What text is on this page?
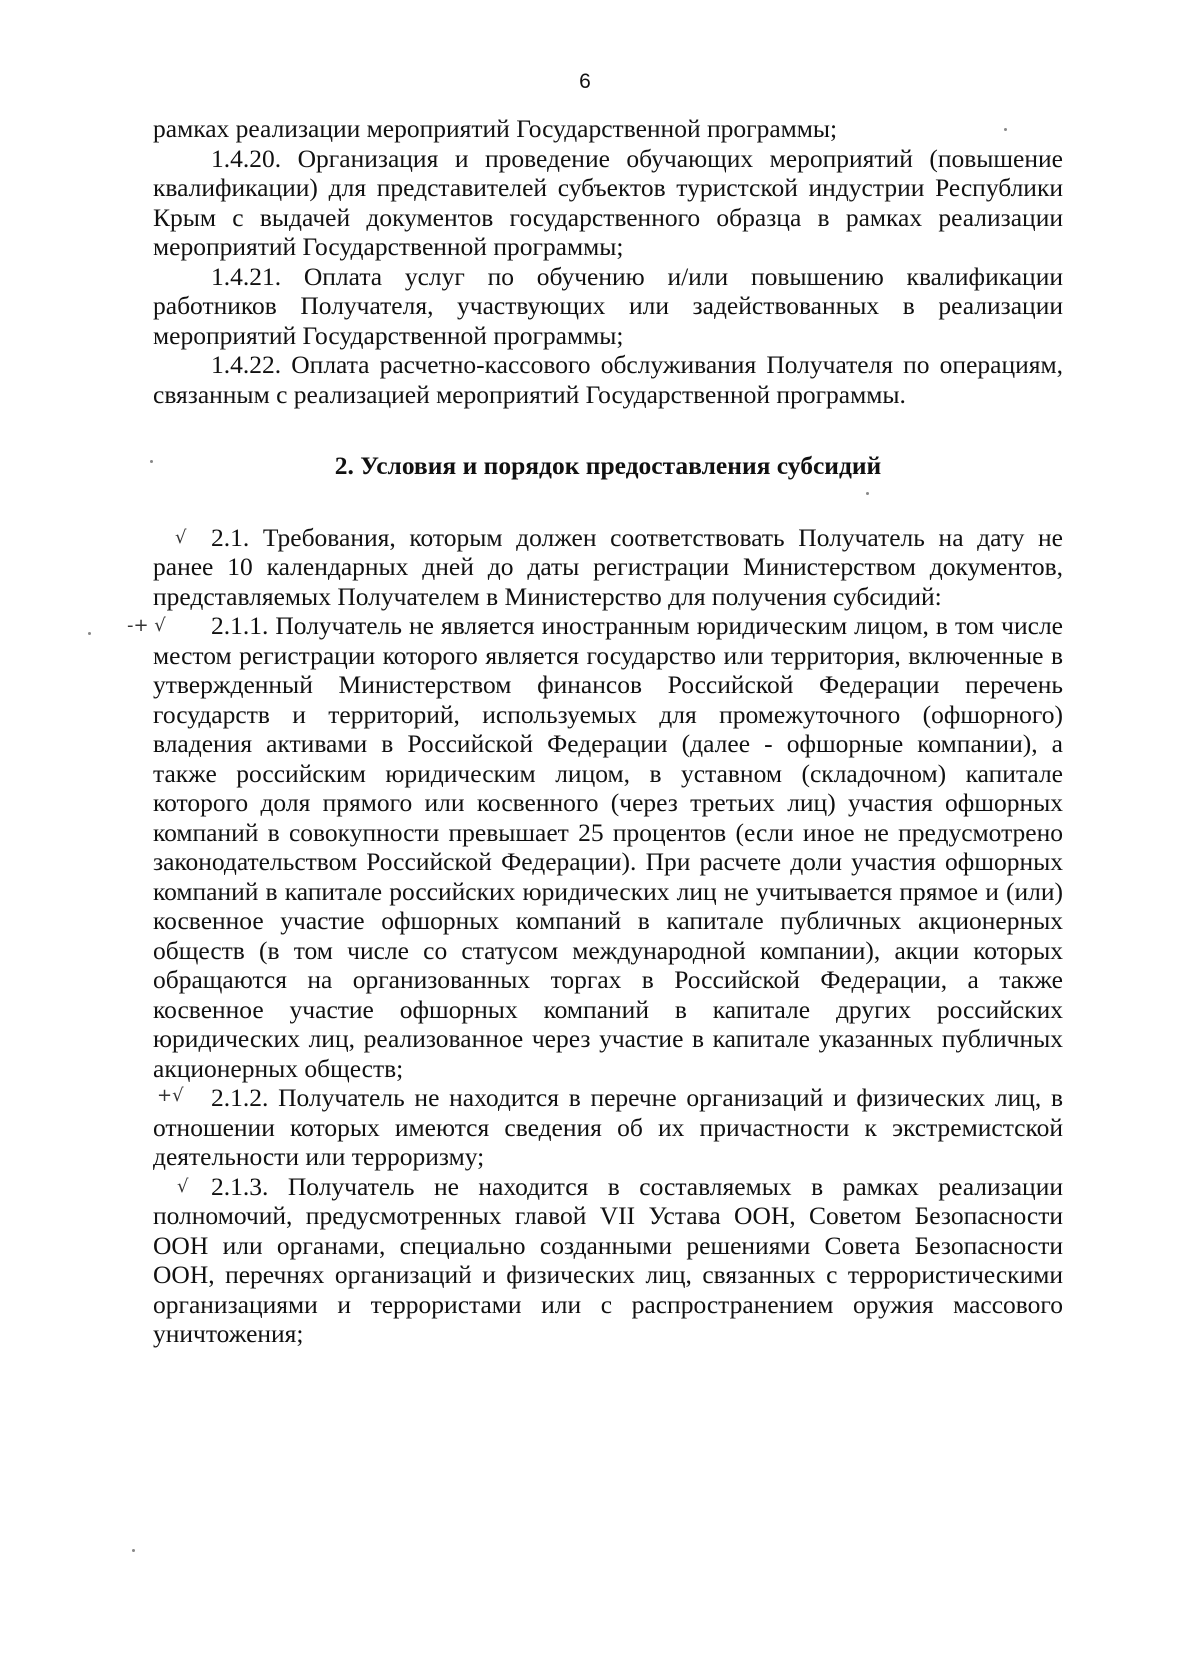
6

рамках реализации мероприятий Государственной программы;

1.4.20. Организация и проведение обучающих мероприятий (повышение квалификации) для представителей субъектов туристской индустрии Республики Крым с выдачей документов государственного образца в рамках реализации мероприятий Государственной программы;

1.4.21. Оплата услуг по обучению и/или повышению квалификации работников Получателя, участвующих или задействованных в реализации мероприятий Государственной программы;

1.4.22. Оплата расчетно-кассового обслуживания Получателя по операциям, связанным с реализацией мероприятий Государственной программы.

2. Условия и порядок предоставления субсидий
√ 2.1. Требования, которым должен соответствовать Получатель на дату не ранее 10 календарных дней до даты регистрации Министерством документов, представляемых Получателем в Министерство для получения субсидий:

-+ √	2.1.1. Получатель не является иностранным юридическим лицом, в том числе местом регистрации которого является государство или территория, включенные в утвержденный Министерством финансов Российской Федерации перечень государств и территорий, используемых для промежуточного (офшорного) владения активами в Российской Федерации (далее - офшорные компании), а также российским юридическим лицом, в уставном (складочном) капитале которого доля прямого или косвенного (через третьих лиц) участия офшорных компаний в совокупности превышает 25 процентов (если иное не предусмотрено законодательством Российской Федерации). При расчете доли участия офшорных компаний в капитале российских юридических лиц не учитывается прямое и (или) косвенное участие офшорных компаний в капитале публичных акционерных обществ (в том числе со статусом международной компании), акции которых обращаются на организованных торгах в Российской Федерации, а также косвенное участие офшорных компаний в капитале других российских юридических лиц, реализованное через участие в капитале указанных публичных акционерных обществ;

+√	2.1.2. Получатель не находится в перечне организаций и физических лиц, в отношении которых имеются сведения об их причастности к экстремистской деятельности или терроризму;

√ 2.1.3. Получатель не находится в составляемых в рамках реализации полномочий, предусмотренных главой VII Устава ООН, Советом Безопасности ООН или органами, специально созданными решениями Совета Безопасности ООН, перечнях организаций и физических лиц, связанных с террористическими организациями и террористами или с распространением оружия массового уничтожения;
